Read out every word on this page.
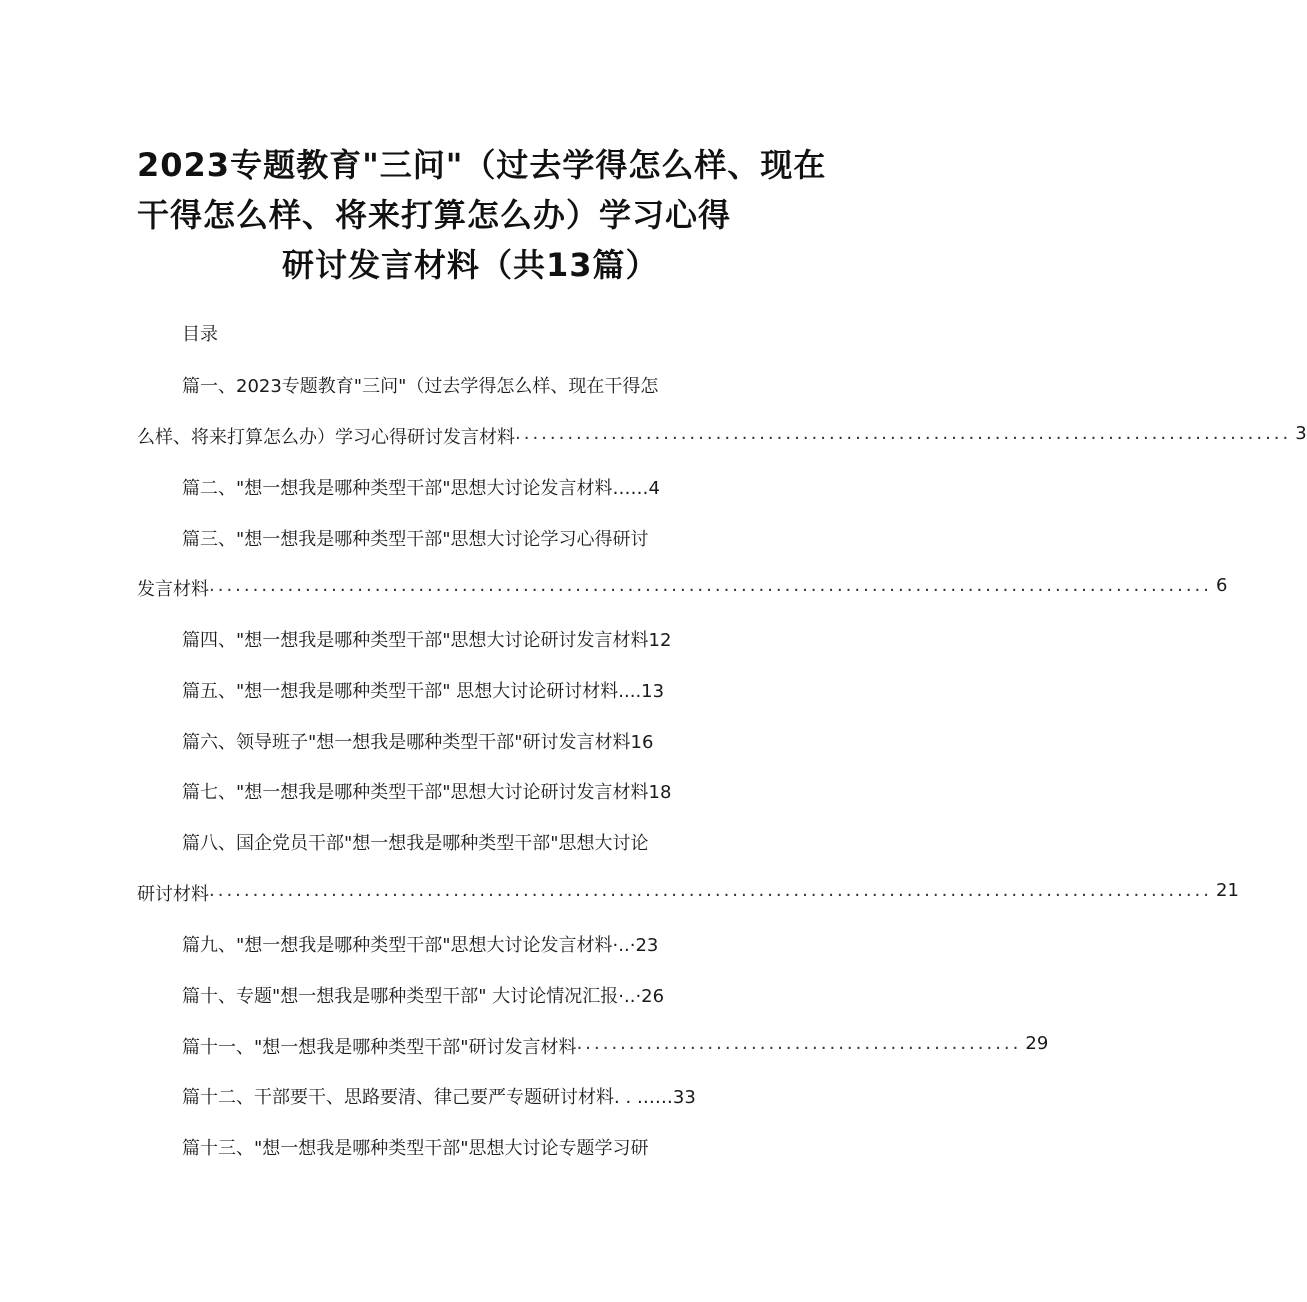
2023专题教育"三问"（过去学得怎么样、现在
干得怎么样、将来打算怎么办）学习心得
研讨发言材料（共13篇）
目录
篇一、2023专题教育"三问"（过去学得怎么样、现在干得怎
么样、将来打算怎么办）学习心得研讨发言材料 ......................................................................................... 3
篇二、"想一想我是哪种类型干部"思想大讨论发言材料……4
篇三、"想一想我是哪种类型干部"思想大讨论学习心得研讨
发言材料 ................................................................................................................... 6
篇四、"想一想我是哪种类型干部"思想大讨论研讨发言材料12
篇五、"想一想我是哪种类型干部" 思想大讨论研讨材料....13
篇六、领导班子"想一想我是哪种类型干部"研讨发言材料16
篇七、"想一想我是哪种类型干部"思想大讨论研讨发言材料18
篇八、国企党员干部"想一想我是哪种类型干部"思想大讨论
研讨材料 ................................................................................................................... 21
篇九、"想一想我是哪种类型干部"思想大讨论发言材料·..·23
篇十、专题"想一想我是哪种类型干部" 大讨论情况汇报·..·26
篇十一、"想一想我是哪种类型干部"研讨发言材料 ................................................... 29
篇十二、干部要干、思路要清、律己要严专题研讨材料. . ……33
篇十三、"想一想我是哪种类型干部"思想大讨论专题学习研
